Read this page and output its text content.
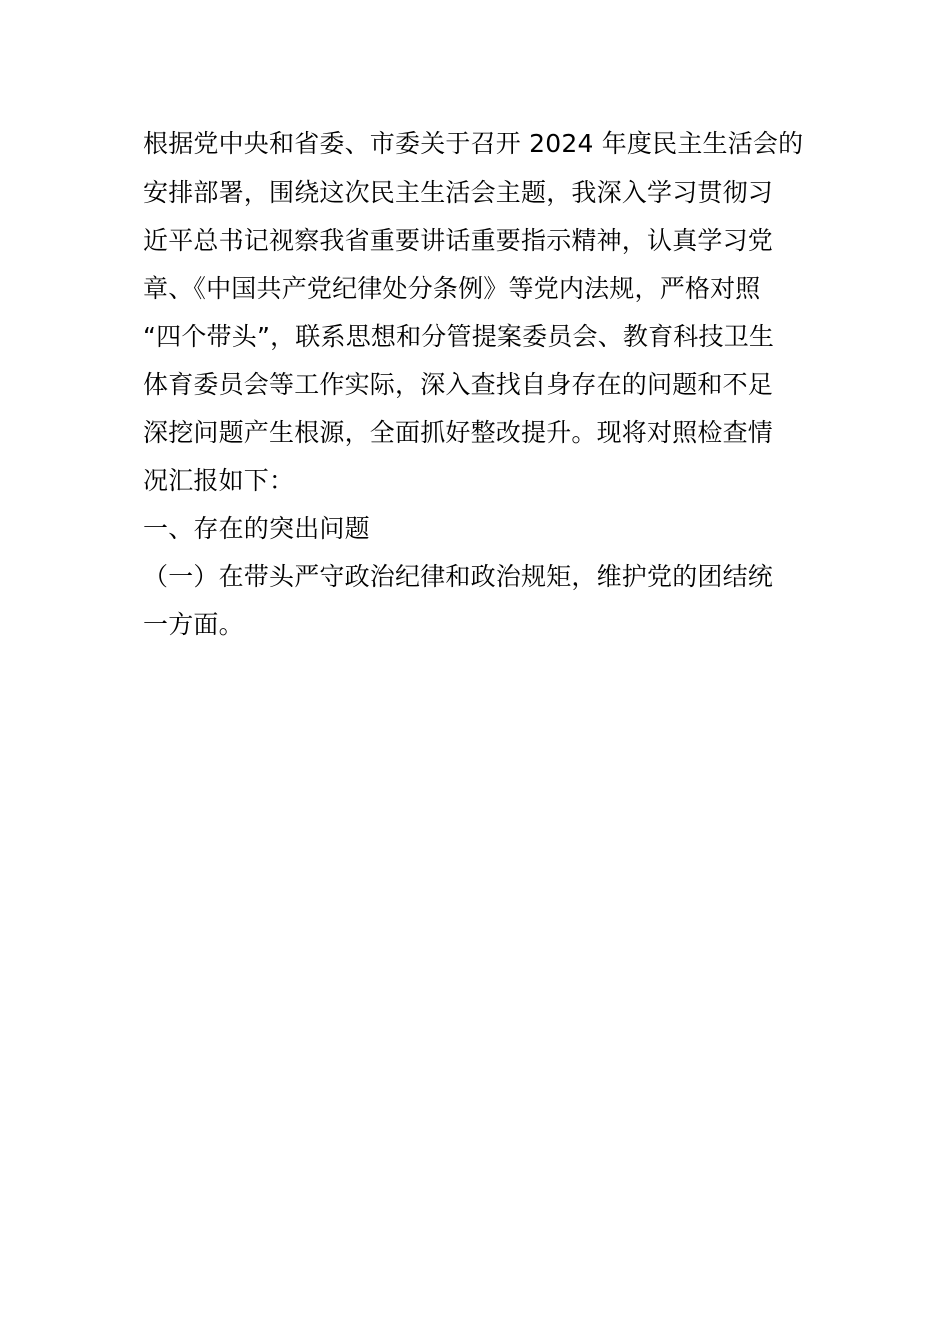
根据党中央和省委、市委关于召开 2024 年度民主生活会的
安排部署，围绕这次民主生活会主题，我深入学习贯彻习
近平总书记视察我省重要讲话重要指示精神，认真学习党
章、《中国共产党纪律处分条例》等党内法规，严格对照
“四个带头”，联系思想和分管提案委员会、教育科技卫生
体育委员会等工作实际，深入查找自身存在的问题和不足
深挖问题产生根源，全面抓好整改提升。现将对照检查情
况汇报如下：
一、存在的突出问题
（一）在带头严守政治纪律和政治规矩，维护党的团结统
一方面。
